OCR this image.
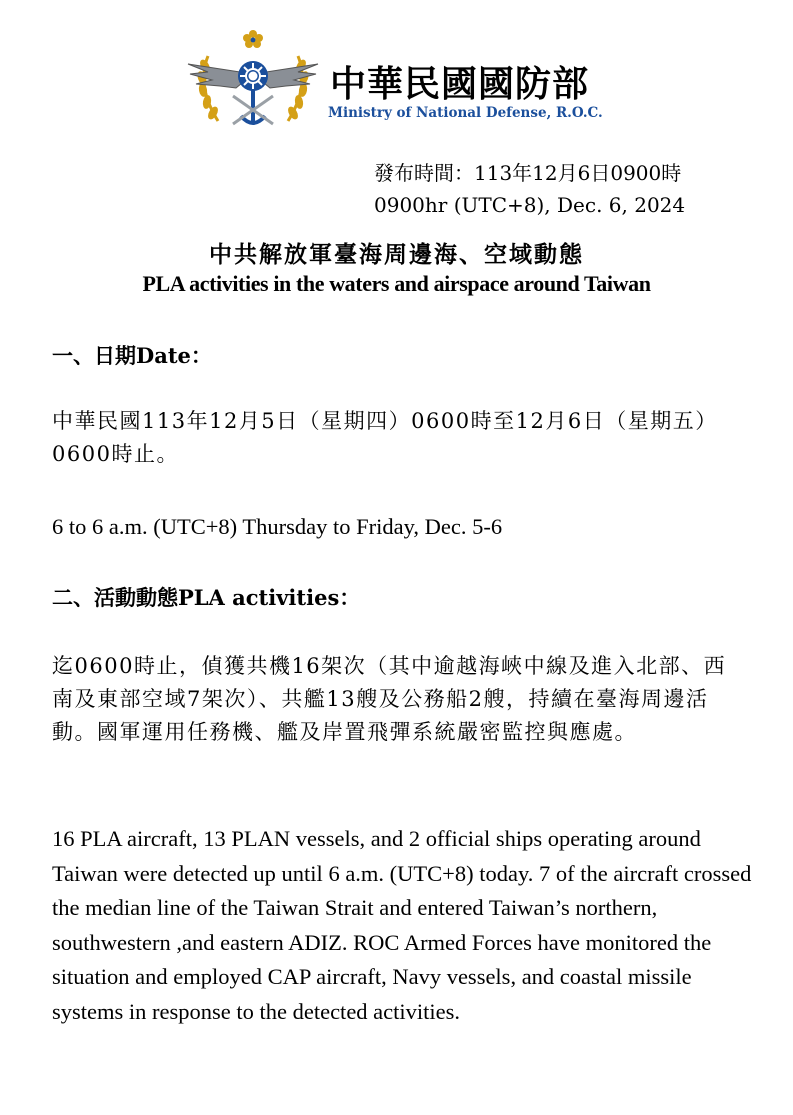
中華民國國防部
Ministry of National Defense, R.O.C.
發布時間：113年12月6日0900時
0900hr (UTC+8), Dec. 6, 2024
中共解放軍臺海周邊海、空域動態
PLA activities in the waters and airspace around Taiwan
一、日期Date：
中華民國113年12月5日（星期四）0600時至12月6日（星期五）0600時止。
6 to 6 a.m. (UTC+8) Thursday to Friday, Dec. 5-6
二、活動動態PLA activities：
迄0600時止，偵獲共機16架次（其中逾越海峽中線及進入北部、西南及東部空域7架次）、共艦13艘及公務船2艘，持續在臺海周邊活動。國軍運用任務機、艦及岸置飛彈系統嚴密監控與應處。
16 PLA aircraft, 13 PLAN vessels, and 2 official ships operating around Taiwan were detected up until 6 a.m. (UTC+8) today. 7 of the aircraft crossed the median line of the Taiwan Strait and entered Taiwan’s northern, southwestern ,and eastern ADIZ. ROC Armed Forces have monitored the situation and employed CAP aircraft, Navy vessels, and coastal missile systems in response to the detected activities.
